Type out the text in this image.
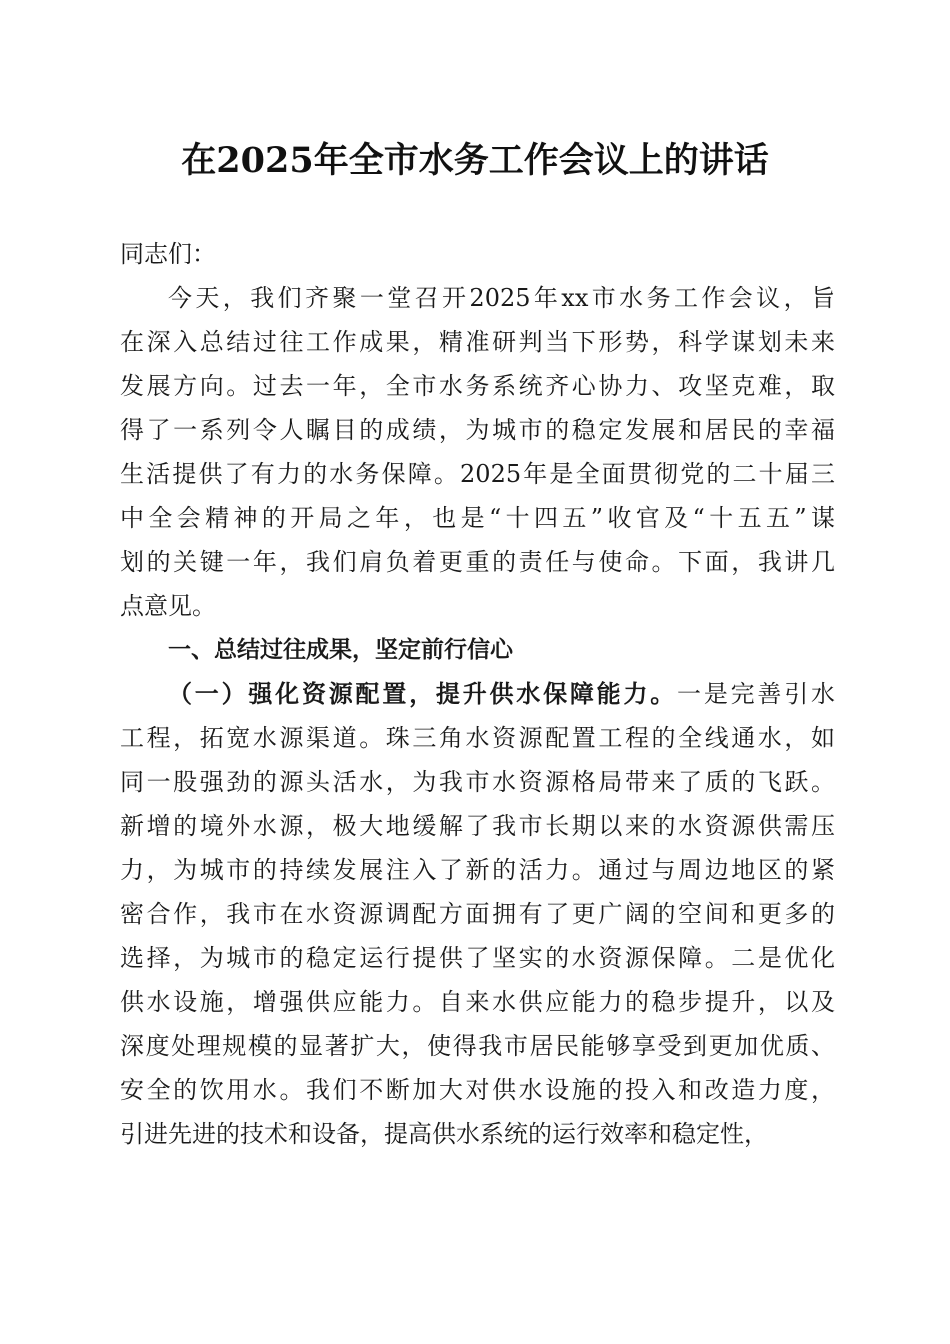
在2025年全市水务工作会议上的讲话
同志们：
今天，我们齐聚一堂召开2025年xx市水务工作会议，旨
在深入总结过往工作成果，精准研判当下形势，科学谋划未来
发展方向。过去一年，全市水务系统齐心协力、攻坚克难，取
得了一系列令人瞩目的成绩，为城市的稳定发展和居民的幸福
生活提供了有力的水务保障。2025年是全面贯彻党的二十届三
中全会精神的开局之年，也是“十四五”收官及“十五五”谋
划的关键一年，我们肩负着更重的责任与使命。下面，我讲几
点意见。
一、总结过往成果，坚定前行信心
（一）强化资源配置，提升供水保障能力。一是完善引水
工程，拓宽水源渠道。珠三角水资源配置工程的全线通水，如
同一股强劲的源头活水，为我市水资源格局带来了质的飞跃。
新增的境外水源，极大地缓解了我市长期以来的水资源供需压
力，为城市的持续发展注入了新的活力。通过与周边地区的紧
密合作，我市在水资源调配方面拥有了更广阔的空间和更多的
选择，为城市的稳定运行提供了坚实的水资源保障。二是优化
供水设施，增强供应能力。自来水供应能力的稳步提升，以及
深度处理规模的显著扩大，使得我市居民能够享受到更加优质、
安全的饮用水。我们不断加大对供水设施的投入和改造力度，
引进先进的技术和设备，提高供水系统的运行效率和稳定性，
